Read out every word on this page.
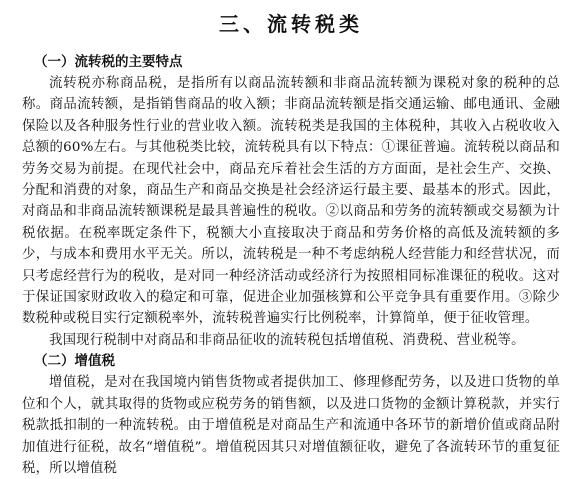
三、流转税类
（一）流转税的主要特点

流转税亦称商品税，是指所有以商品流转额和非商品流转额为课税对象的税种的总称。商品流转额，是指销售商品的收入额；非商品流转额是指交通运输、邮电通讯、金融保险以及各种服务性行业的营业收入额。流转税类是我国的主体税种，其收入占税收收入总额的60%左右。与其他税类比较，流转税具有以下特点：①课征普遍。流转税以商品和劳务交易为前提。在现代社会中，商品充斥着社会生活的方方面面，是社会生产、交换、分配和消费的对象，商品生产和商品交换是社会经济运行最主要、最基本的形式。因此，对商品和非商品流转额课税是最具普遍性的税收。②以商品和劳务的流转额或交易额为计税依据。在税率既定条件下，税额大小直接取决于商品和劳务价格的高低及流转额的多少，与成本和费用水平无关。所以，流转税是一种不考虑纳税人经营能力和经营状况，而只考虑经营行为的税收，是对同一种经济活动或经济行为按照相同标准课征的税收。这对于保证国家财政收入的稳定和可靠，促进企业加强核算和公平竞争具有重要作用。③除少数税种或税目实行定额税率外，流转税普遍实行比例税率，计算简单，便于征收管理。

我国现行税制中对商品和非商品征收的流转税包括增值税、消费税、营业税等。

（二）增值税

增值税，是对在我国境内销售货物或者提供加工、修理修配劳务，以及进口货物的单位和个人，就其取得的货物或应税劳务的销售额，以及进口货物的金额计算税款，并实行税款抵扣制的一种流转税。由于增值税是对商品生产和流通中各环节的新增价值或商品附加值进行征税，故名“增值税”。增值税因其只对增值额征收，避免了各流转环节的重复征税，所以增值税
